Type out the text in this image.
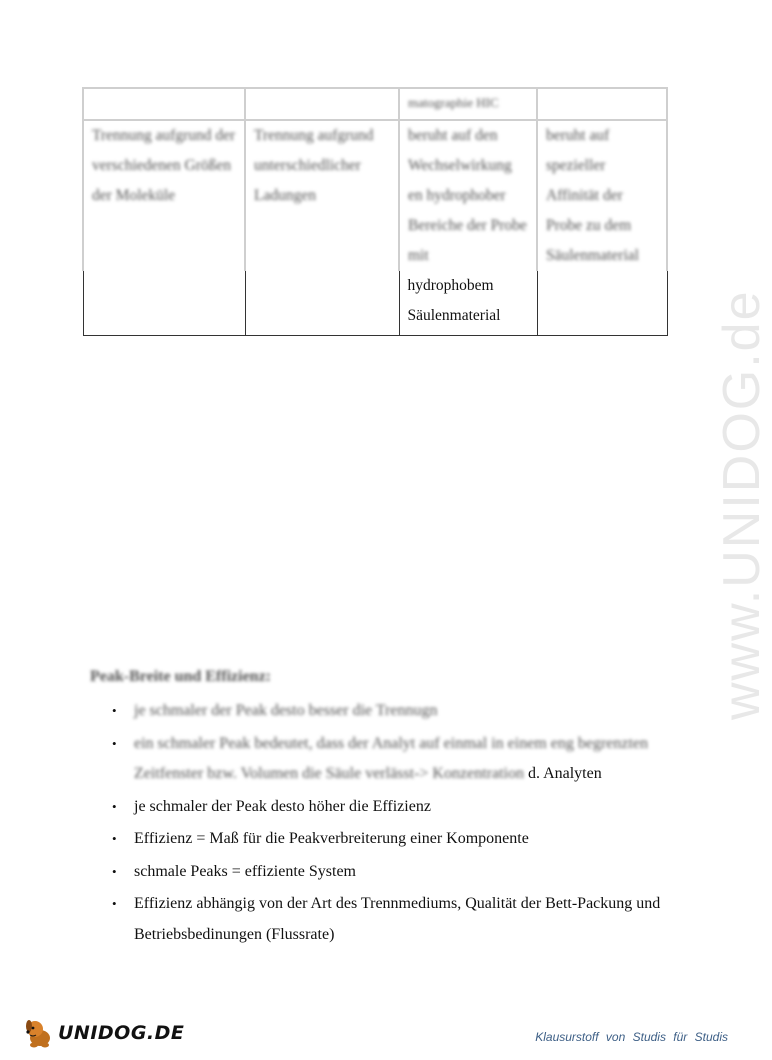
www.UNIDOG.de
		matographie HIC	
Trennung aufgrund der verschiedenen Größen der Moleküle	Trennung aufgrund unterschiedlicher Ladungen	beruht auf den Wechselwirkung en hydrophober Bereiche der Probe mit	beruht auf spezieller Affinität der Probe zu dem Säulenmaterial
		hydrophobem Säulenmaterial	

Peak-Breite und Effizienz:

• je schmaler der Peak desto besser die Trennugn
• ein schmaler Peak bedeutet, dass der Analyt auf einmal in einem eng begrenzten Zeitfenster bzw. Volumen die Säule verlässt-> Konzentration d. Analyten
• je schmaler der Peak desto höher die Effizienz
• Effizienz = Maß für die Peakverbreiterung einer Komponente
• schmale Peaks = effiziente System
• Effizienz abhängig von der Art des Trennmediums, Qualität der Bett-Packung und Betriebsbedinungen (Flussrate)
UNIDOG.DE	Klausurstoff von Studis für Studis
